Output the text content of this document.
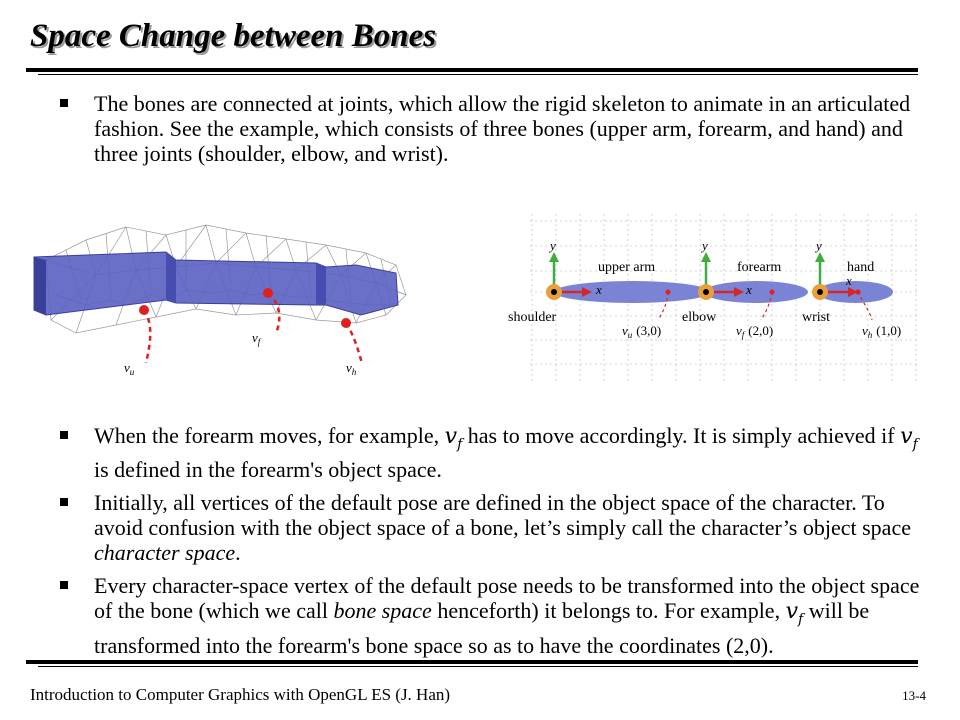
Space Change between Bones
The bones are connected at joints, which allow the rigid skeleton to animate in an articulated fashion. See the example, which consists of three bones (upper arm, forearm, and hand) and three joints (shoulder, elbow, and wrist).
$v_u$
$v_f$
$v_h$
y	y	y
x	x
x
upper arm	forearm	hand
shoulder	elbow	wrist
$v_u$ (3,0)	$v_f$ (2,0)	$v_h$ (1,0)
When the forearm moves, for example, $v_f$ has to move accordingly. It is simply achieved if $v_f$ is defined in the forearm's object space.
Initially, all vertices of the default pose are defined in the object space of the character. To avoid confusion with the object space of a bone, let’s simply call the character’s object space character space.
Every character-space vertex of the default pose needs to be transformed into the object space of the bone (which we call bone space henceforth) it belongs to. For example, $v_f$ will be transformed into the forearm's bone space so as to have the coordinates (2,0).
Introduction to Computer Graphics with OpenGL ES (J. Han)	13-4
